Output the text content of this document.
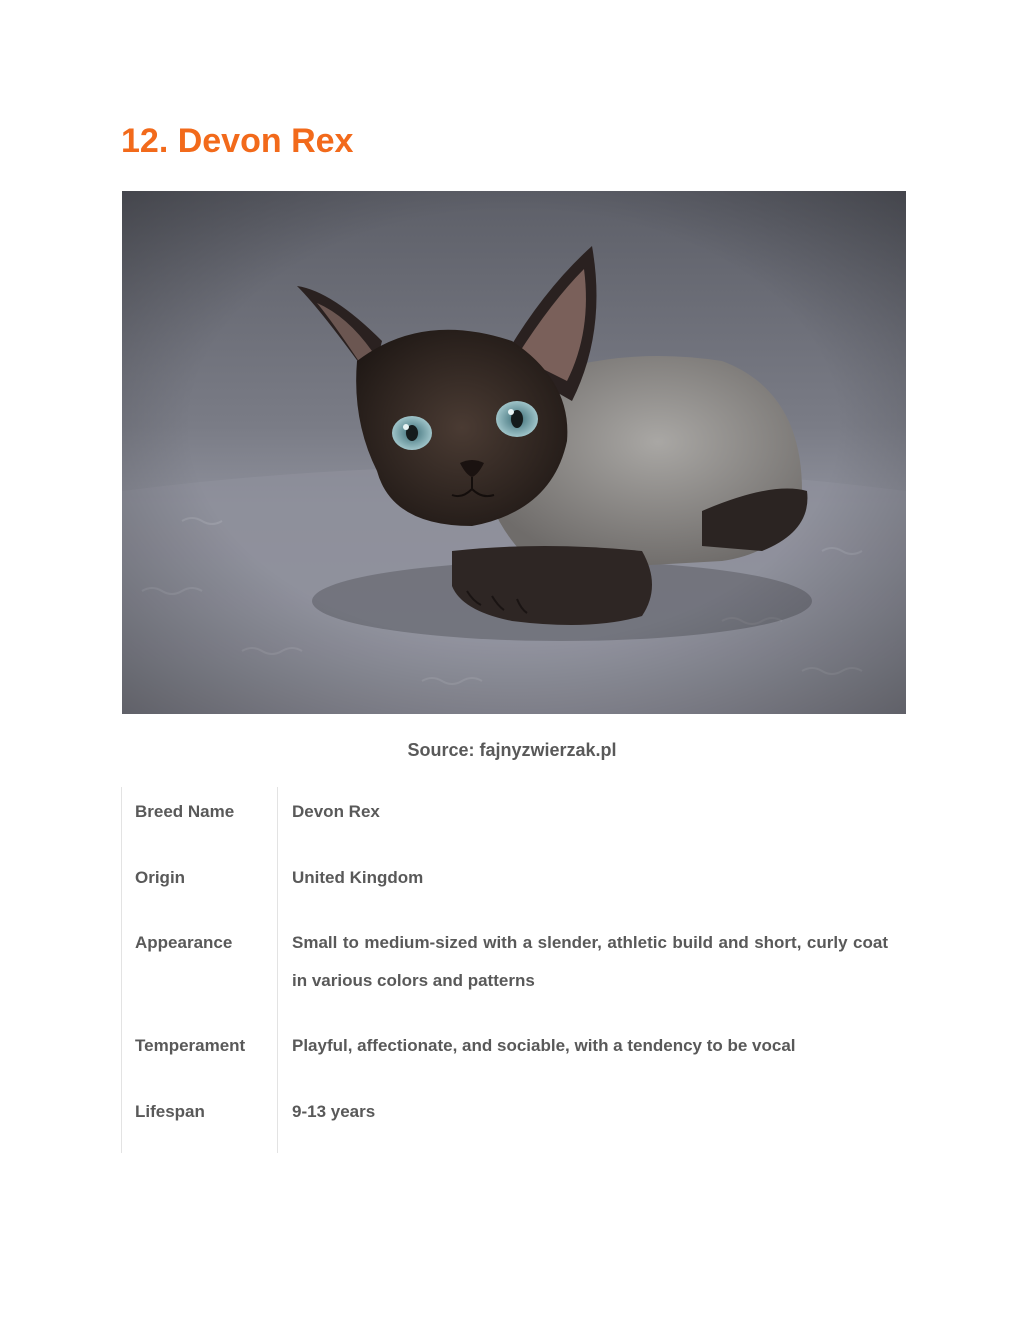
12. Devon Rex
Source: fajnyzwierzak.pl
Breed Name	Devon Rex
Origin	United Kingdom
Appearance	Small to medium-sized with a slender, athletic build and short, curly coat in various colors and patterns
Temperament	Playful, affectionate, and sociable, with a tendency to be vocal
Lifespan	9-13 years
